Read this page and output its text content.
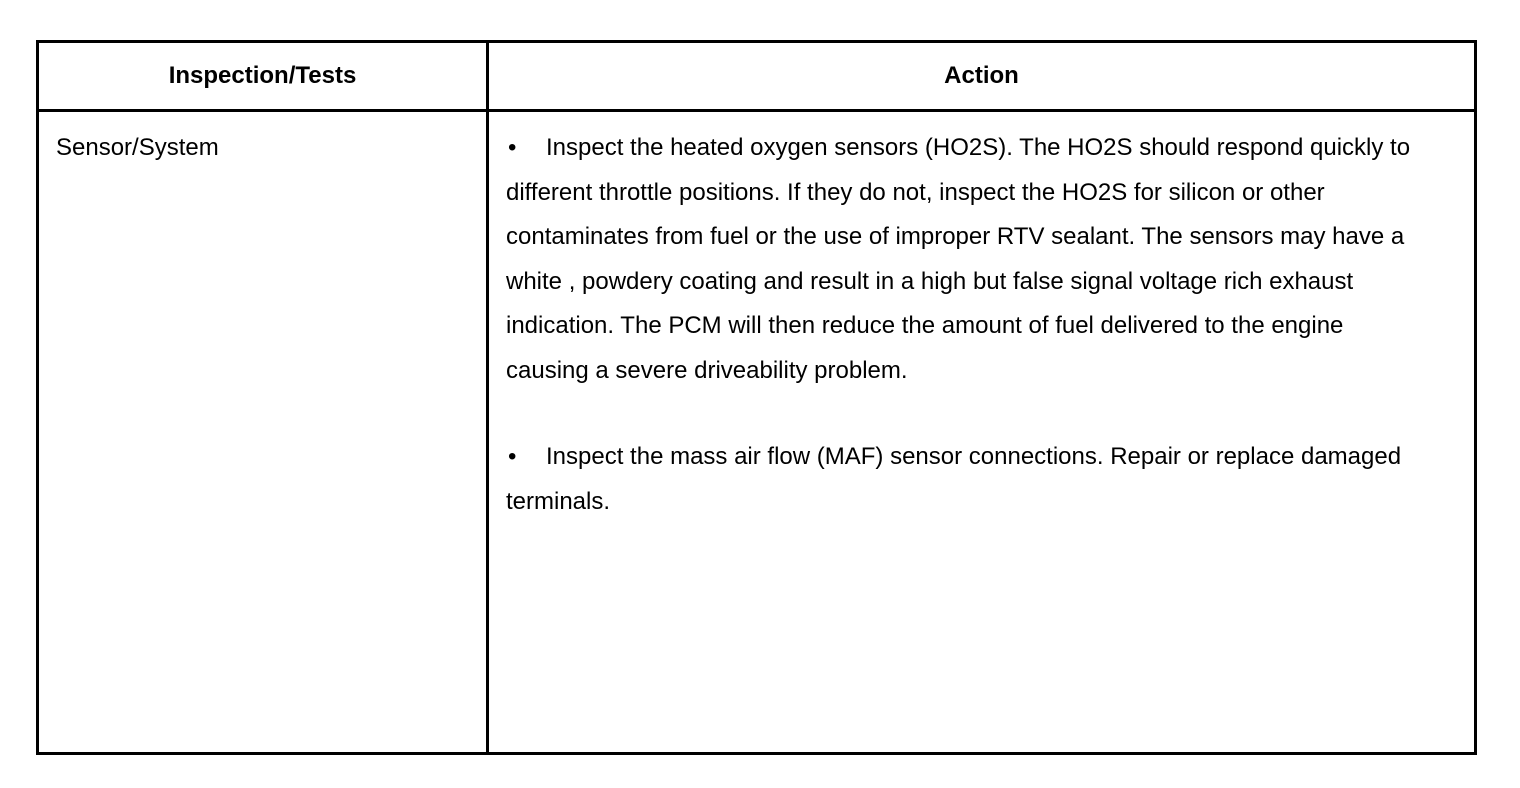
Inspection/Tests	Action

Sensor/System	• Inspect the heated oxygen sensors (HO2S). The HO2S should respond quickly to different throttle positions. If they do not, inspect the HO2S for silicon or other contaminates from fuel or the use of improper RTV sealant. The sensors may have a white , powdery coating and result in a high but false signal voltage rich exhaust indication. The PCM will then reduce the amount of fuel delivered to the engine causing a severe driveability problem.

• Inspect the mass air flow (MAF) sensor connections. Repair or replace damaged terminals.
